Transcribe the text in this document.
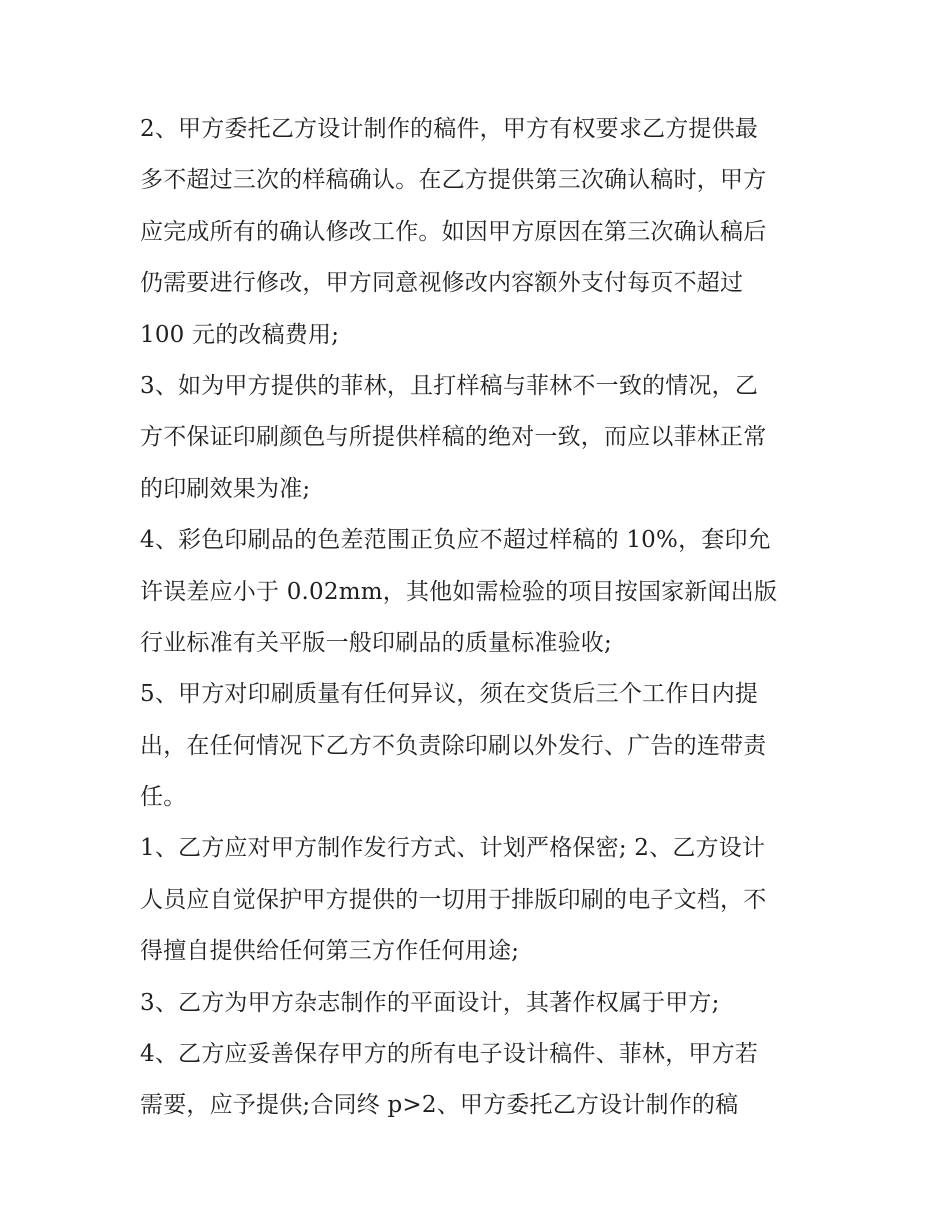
2、甲方委托乙方设计制作的稿件，甲方有权要求乙方提供最
多不超过三次的样稿确认。在乙方提供第三次确认稿时，甲方
应完成所有的确认修改工作。如因甲方原因在第三次确认稿后
仍需要进行修改，甲方同意视修改内容额外支付每页不超过
100 元的改稿费用;
3、如为甲方提供的菲林，且打样稿与菲林不一致的情况，乙
方不保证印刷颜色与所提供样稿的绝对一致，而应以菲林正常
的印刷效果为准;
4、彩色印刷品的色差范围正负应不超过样稿的 10%，套印允
许误差应小于 0.02mm，其他如需检验的项目按国家新闻出版
行业标准有关平版一般印刷品的质量标准验收;
5、甲方对印刷质量有任何异议，须在交货后三个工作日内提
出，在任何情况下乙方不负责除印刷以外发行、广告的连带责
任。
1、乙方应对甲方制作发行方式、计划严格保密; 2、乙方设计
人员应自觉保护甲方提供的一切用于排版印刷的电子文档，不
得擅自提供给任何第三方作任何用途;
3、乙方为甲方杂志制作的平面设计，其著作权属于甲方;
4、乙方应妥善保存甲方的所有电子设计稿件、菲林，甲方若
需要，应予提供;合同终 p>2、甲方委托乙方设计制作的稿
